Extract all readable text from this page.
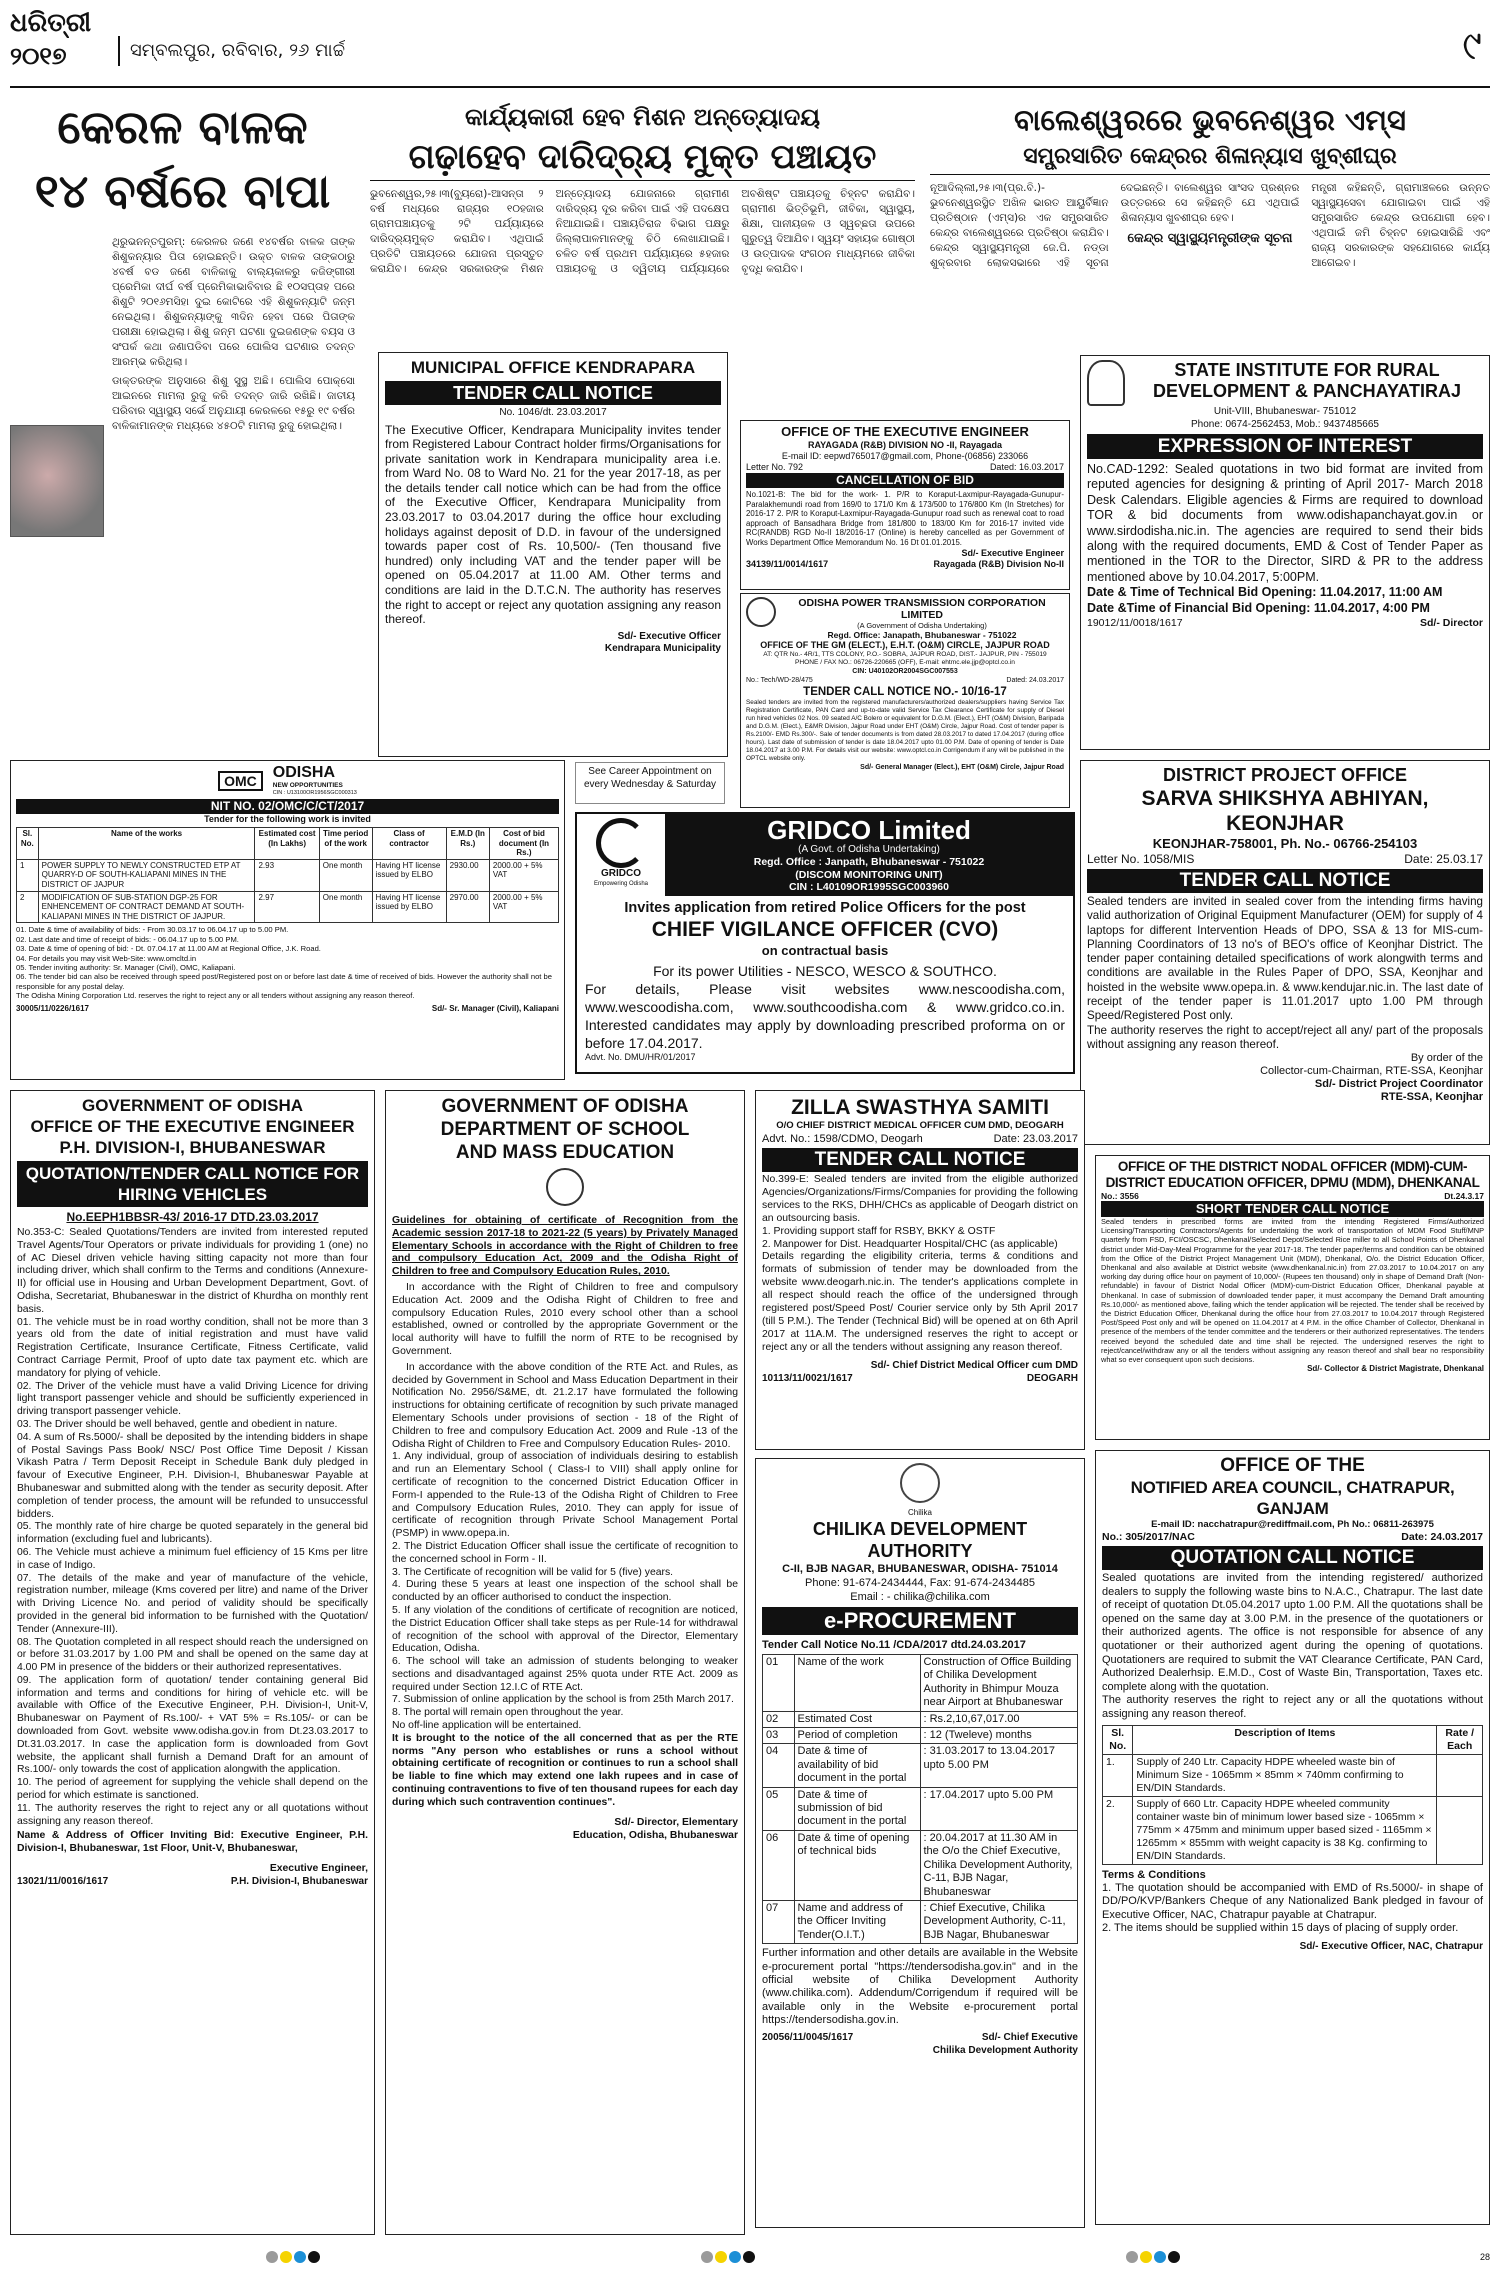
ଧରିତ୍ରୀ
୨୦୧୭	ସମ୍ବଲପୁର, ରବିବାର, ୨୬ ମାର୍ଚ୍ଚ	୯
କେରଳ ବାଳକ
୧୪ ବର୍ଷରେ ବାପା
ଥିରୁଭନନ୍ତପୁରମ୍: କେରଳର ଜଣେ ୧୪ବର୍ଷର ବାଳକ ତାଙ୍କ ଶିଶୁକନ୍ୟାର ପିତା ହୋଇଛନ୍ତି। ଉକ୍ତ ବାଳକ ତାଙ୍କଠାରୁ ୪ବର୍ଷ ବଡ ଜଣେ ବାଳିକାକୁ ବାଲ୍ୟକାଳରୁ କଜିଙ୍ଗୀରୀ ପ୍ରେମିକା ଦୀର୍ଘ ବର୍ଷ ପ୍ରେମିକାଭାବିବାର ଛି ୧୦ସପ୍ତାହ ପରେ ଶିଶୁଟି ୨୦୧୬ମସିହା ଦୁଇ କୋଟିରେ ଏହି ଶିଶୁକନ୍ୟାଟି ଜନ୍ମ ନେଇଥିଲା। ଶିଶୁକନ୍ୟାଙ୍କୁ ୩ଦିନ ହେବା ପରେ ପିତାଙ୍କ ପରୀକ୍ଷା ହୋଇଥିଲା। ଶିଶୁ ଜନ୍ମ ଘଟଣା ଦୁଇଜଣଙ୍କ ବୟସ ଓ ସଂପର୍କ କଥା ଜଣାପଡିବା ପରେ ପୋଲିସ ଘଟଣାର ତଦନ୍ତ ଆରମ୍ଭ କରିଥିଲା।
ଡାକ୍ତରଙ୍କ ଅନୁସାରେ ଶିଶୁ ସୁସ୍ଥ ଅଛି। ପୋଲିସ ପୋକ୍ସୋ ଆଇନରେ ମାମଲା ରୁଜୁ କରି ତଦନ୍ତ ଜାରି ରଖିଛି। ଜାତୀୟ ପରିବାର ସ୍ୱାସ୍ଥ୍ୟ ସର୍ଭେ ଅନୁଯାୟୀ କେରଳରେ ୧୫ରୁ ୧୯ ବର୍ଷର ବାଳିକାମାନଙ୍କ ମଧ୍ୟରେ ୪୫୦ଟି ମାମଲା ରୁଜୁ ହୋଇଥିଲା।
କାର୍ଯ୍ୟକାରୀ ହେବ ମିଶନ ଅନ୍ତ୍ୟୋଦୟ
ଗଢ଼ାହେବ ଦାରିଦ୍ର୍ୟ ମୁକ୍ତ ପଞ୍ଚାୟତ
ଭୁବନେଶ୍ୱର,୨୫।୩(ବ୍ୟୁରୋ)-ଆସନ୍ତା ୨ ବର୍ଷ ମଧ୍ୟରେ ରାଜ୍ୟର ୧୦ହଜାର ଗ୍ରାମପଞ୍ଚାୟତକୁ ୨ଟି ପର୍ଯ୍ୟାୟରେ ଦାରିଦ୍ର୍ୟମୁକ୍ତ କରାଯିବ। ଏଥିପାଇଁ ପ୍ରତିଟି ପଞ୍ଚାୟତରେ ଯୋଜନା ପ୍ରସ୍ତୁତ କରାଯିବ। କେନ୍ଦ୍ର ସରକାରଙ୍କ ମିଶନ ଅନ୍ତ୍ୟୋଦୟ ଯୋଜନାରେ ଗ୍ରାମୀଣ ଦାରିଦ୍ର୍ୟ ଦୂର କରିବା ପାଇଁ ଏହି ପଦକ୍ଷେପ ନିଆଯାଇଛି। ପଞ୍ଚାୟତିରାଜ ବିଭାଗ ପକ୍ଷରୁ ଜିଲ୍ଲାପାଳମାନଙ୍କୁ ଚିଠି ଲେଖାଯାଇଛି। ଚଳିତ ବର୍ଷ ପ୍ରଥମ ପର୍ଯ୍ୟାୟରେ ୫ହଜାର ପଞ୍ଚାୟତକୁ ଓ ଦ୍ୱିତୀୟ ପର୍ଯ୍ୟାୟରେ ଅବଶିଷ୍ଟ ପଞ୍ଚାୟତକୁ ଚିହ୍ନଟ କରାଯିବ। ଗ୍ରାମୀଣ ଭିତ୍ତିଭୂମି, ଜୀବିକା, ସ୍ୱାସ୍ଥ୍ୟ, ଶିକ୍ଷା, ପାନୀୟଜଳ ଓ ସ୍ୱଚ୍ଛତା ଉପରେ ଗୁରୁତ୍ୱ ଦିଆଯିବ। ସ୍ୱୟଂ ସହାୟକ ଗୋଷ୍ଠୀ ଓ ଉତ୍ପାଦକ ସଂଗଠନ ମାଧ୍ୟମରେ ଜୀବିକା ବୃଦ୍ଧି କରାଯିବ।
ବାଲେଶ୍ୱରରେ ଭୁବନେଶ୍ୱର ଏମ୍ସ
ସମ୍ପ୍ରସାରିତ କେନ୍ଦ୍ରର ଶିଳାନ୍ୟାସ ଖୁବ୍‌ଶୀଘ୍ର
ନୂଆଦିଲ୍ଲୀ,୨୫।୩(ପ୍ର.ବି.)-ଭୁବନେଶ୍ୱରସ୍ଥିତ ଅଖିଳ ଭାରତ ଆୟୁର୍ବିଜ୍ଞାନ ପ୍ରତିଷ୍ଠାନ (ଏମ୍ସ)ର ଏକ ସମ୍ପ୍ରସାରିତ କେନ୍ଦ୍ର ବାଲେଶ୍ୱରରେ ପ୍ରତିଷ୍ଠା କରାଯିବ। କେନ୍ଦ୍ର ସ୍ୱାସ୍ଥ୍ୟମନ୍ତ୍ରୀ ଜେ.ପି. ନଡ୍ଡା ଶୁକ୍ରବାର ଲୋକସଭାରେ ଏହି ସୂଚନା ଦେଇଛନ୍ତି। ବାଲେଶ୍ୱର ସାଂସଦ ପ୍ରଶ୍ନର ଉତ୍ତରରେ ସେ କହିଛନ୍ତି ଯେ ଏଥିପାଇଁ ଶିଳାନ୍ୟାସ ଖୁବଶୀଘ୍ର ହେବ।
କେନ୍ଦ୍ର ସ୍ୱାସ୍ଥ୍ୟମନ୍ତ୍ରୀଙ୍କ ସୂଚନା
ମନ୍ତ୍ରୀ କହିଛନ୍ତି, ଗ୍ରାମାଞ୍ଚଳରେ ଉନ୍ନତ ସ୍ୱାସ୍ଥ୍ୟସେବା ଯୋଗାଇବା ପାଇଁ ଏହି ସମ୍ପ୍ରସାରିତ କେନ୍ଦ୍ର ଉପଯୋଗୀ ହେବ। ଏଥିପାଇଁ ଜମି ଚିହ୍ନଟ ହୋଇସାରିଛି ଏବଂ ରାଜ୍ୟ ସରକାରଙ୍କ ସହଯୋଗରେ କାର୍ଯ୍ୟ ଆଗେଇବ।
MUNICIPAL OFFICE KENDRAPARA
TENDER CALL NOTICE
No. 1046/dt. 23.03.2017
The Executive Officer, Kendrapara Municipality invites tender from Registered Labour Contract holder firms/Organisations for private sanitation work in Kendrapara municipality area i.e. from Ward No. 08 to Ward No. 21 for the year 2017-18, as per the details tender call notice which can be had from the office of the Executive Officer, Kendrapara Municipality from 23.03.2017 to 03.04.2017 during the office hour excluding holidays against deposit of D.D. in favour of the undersigned towards paper cost of Rs. 10,500/- (Ten thousand five hundred) only including VAT and the tender paper will be opened on 05.04.2017 at 11.00 AM. Other terms and conditions are laid in the D.T.C.N. The authority has reserves the right to accept or reject any quotation assigning any reason thereof.
Sd/- Executive Officer
Kendrapara Municipality
OFFICE OF THE EXECUTIVE ENGINEER
RAYAGADA (R&B) DIVISION NO -II, Rayagada
E-mail ID: eepwd765017@gmail.com, Phone-(06856) 233066
Letter No. 792	Dated: 16.03.2017
CANCELLATION OF BID
No.1021-B: The bid for the work- 1. P/R to Koraput-Laxmipur-Rayagada-Gunupur-Paralakhemundi road from 169/0 to 171/0 Km & 173/500 to 176/800 Km (In Stretches) for 2016-17 2. P/R to Koraput-Laxmipur-Rayagada-Gunupur road such as renewal coat to road approach of Bansadhara Bridge from 181/800 to 183/00 Km for 2016-17 invited vide RC(RANDB) RGD No-II 18/2016-17 (Online) is hereby cancelled as per Government of Works Department Office Memorandum No. 16 Dt 01.01.2015.
Sd/- Executive Engineer
34139/11/0014/1617	Rayagada (R&B) Division No-II
ODISHA POWER TRANSMISSION CORPORATION LIMITED
(A Government of Odisha Undertaking)
Regd. Office: Janapath, Bhubaneswar - 751022
OFFICE OF THE GM (ELECT.), E.H.T. (O&M) CIRCLE, JAJPUR ROAD
AT: QTR No.- 4R/1, TTS COLONY, P.O.- SOBRA, JAJPUR ROAD, DIST.- JAJPUR, PIN - 755019
PHONE / FAX NO.: 06726-220665 (OFF), E-mail: ehtmc.ele.jjp@optcl.co.in
CIN: U40102OR2004SGC007553
No.: Tech/WD-28/475	Dated: 24.03.2017
TENDER CALL NOTICE NO.- 10/16-17
Sealed tenders are invited from the registered manufacturers/authorized dealers/suppliers having Service Tax Registration Certificate, PAN Card and up-to-date valid Service Tax Clearance Certificate for supply of Diesel run hired vehicles 02 Nos. 09 seated A/C Bolero or equivalent for D.G.M. (Elect.), EHT (O&M) Division, Baripada and D.G.M. (Elect.), E&MR Division, Jajpur Road under EHT (O&M) Circle, Jajpur Road. Cost of tender paper is Rs.2100/- EMD Rs.300/-. Sale of tender documents is from dated 28.03.2017 to dated 17.04.2017 (during office hours). Last date of submission of tender is date 18.04.2017 upto 01.00 P.M. Date of opening of tender is Date 18.04.2017 at 3.00 P.M. For details visit our website: www.optcl.co.in Corrigendum if any will be published in the OPTCL website only.
Sd/- General Manager (Elect.), EHT (O&M) Circle, Jajpur Road
STATE INSTITUTE FOR RURAL
DEVELOPMENT & PANCHAYATIRAJ
Unit-VIII, Bhubaneswar- 751012
Phone: 0674-2562453, Mob.: 9437485665
EXPRESSION OF INTEREST
No.CAD-1292: Sealed quotations in two bid format are invited from reputed agencies for designing & printing of April 2017- March 2018 Desk Calendars. Eligible agencies & Firms are required to download TOR & bid documents from www.odishapanchayat.gov.in or www.sirdodisha.nic.in. The agencies are required to send their bids along with the required documents, EMD & Cost of Tender Paper as mentioned in the TOR to the Director, SIRD & PR to the address mentioned above by 10.04.2017, 5:00PM.
Date & Time of Technical Bid Opening: 11.04.2017, 11:00 AM
Date &Time of Financial Bid Opening: 11.04.2017, 4:00 PM
19012/11/0018/1617	Sd/- Director
OMC	ODISHA
NEW OPPORTUNITIES
CIN : U13100OR1956SGC000313
NIT NO. 02/OMC/C/CT/2017
Tender for the following work is invited
Sl. No.	Name of the works	Estimated cost (In Lakhs)	Time period of the work	Class of contractor	E.M.D (In Rs.)	Cost of bid document (In Rs.)
1	POWER SUPPLY TO NEWLY CONSTRUCTED ETP AT QUARRY-D OF SOUTH-KALIAPANI MINES IN THE DISTRICT OF JAJPUR	2.93	One month	Having HT license issued by ELBO	2930.00	2000.00 + 5% VAT
2	MODIFICATION OF SUB-STATION DGP-25 FOR ENHENCEMENT OF CONTRACT DEMAND AT SOUTH-KALIAPANI MINES IN THE DISTRICT OF JAJPUR.	2.97	One month	Having HT license issued by ELBO	2970.00	2000.00 + 5% VAT
01. Date & time of availability of bids: - From 30.03.17 to 06.04.17 up to 5.00 PM.
02. Last date and time of receipt of bids: - 06.04.17 up to 5.00 PM.
03. Date & time of opening of bid: - Dt. 07.04.17 at 11.00 AM at Regional Office, J.K. Road.
04. For details you may visit Web-Site: www.omcltd.in
05. Tender inviting authority: Sr. Manager (Civil), OMC, Kaliapani.
06. The tender bid can also be received through speed post/Registered post on or before last date & time of received of bids. However the authority shall not be responsible for any postal delay.
The Odisha Mining Corporation Ltd. reserves the right to reject any or all tenders without assigning any reason thereof.
30005/11/0226/1617	Sd/- Sr. Manager (Civil), Kaliapani
See Career Appointment on every Wednesday & Saturday
GRIDCO
Empowering Odisha
GRIDCO Limited
(A Govt. of Odisha Undertaking)
Regd. Office : Janpath, Bhubaneswar - 751022
(DISCOM MONITORING UNIT)
CIN : L40109OR1995SGC003960
Invites application from retired Police Officers for the post
CHIEF VIGILANCE OFFICER (CVO)
on contractual basis
For its power Utilities - NESCO, WESCO & SOUTHCO.
For details, Please visit websites www.nescoodisha.com, www.wescoodisha.com, www.southcoodisha.com & www.gridco.co.in. Interested candidates may apply by downloading prescribed proforma on or before 17.04.2017.
Advt. No. DMU/HR/01/2017
DISTRICT PROJECT OFFICE
SARVA SHIKSHYA ABHIYAN, KEONJHAR
KEONJHAR-758001, Ph. No.- 06766-254103
Letter No. 1058/MIS	Date: 25.03.17
TENDER CALL NOTICE
Sealed tenders are invited in sealed cover from the intending firms having valid authorization of Original Equipment Manufacturer (OEM) for supply of 4 laptops for different Intervention Heads of DPO, SSA & 13 for MIS-cum-Planning Coordinators of 13 no's of BEO's office of Keonjhar District. The tender paper containing detailed specifications of work alongwith terms and conditions are available in the Rules Paper of DPO, SSA, Keonjhar and hoisted in the website www.opepa.in. & www.kendujar.nic.in. The last date of receipt of the tender paper is 11.01.2017 upto 1.00 PM through Speed/Registered Post only.
The authority reserves the right to accept/reject all any/ part of the proposals without assigning any reason thereof.
By order of the
Collector-cum-Chairman, RTE-SSA, Keonjhar
Sd/- District Project Coordinator
RTE-SSA, Keonjhar
GOVERNMENT OF ODISHA
OFFICE OF THE EXECUTIVE ENGINEER
P.H. DIVISION-I, BHUBANESWAR
QUOTATION/TENDER CALL NOTICE FOR HIRING VEHICLES
No.EEPH1BBSR-43/ 2016-17 DTD.23.03.2017
No.353-C: Sealed Quotations/Tenders are invited from interested reputed Travel Agents/Tour Operators or private individuals for providing 1 (one) no of AC Diesel driven vehicle having sitting capacity not more than four including driver, which shall confirm to the Terms and conditions (Annexure-II) for official use in Housing and Urban Development Department, Govt. of Odisha, Secretariat, Bhubaneswar in the district of Khurdha on monthly rent basis.
01. The vehicle must be in road worthy condition, shall not be more than 3 years old from the date of initial registration and must have valid Registration Certificate, Insurance Certificate, Fitness Certificate, valid Contract Carriage Permit, Proof of upto date tax payment etc. which are mandatory for plying of vehicle.
02. The Driver of the vehicle must have a valid Driving Licence for driving light transport passenger vehicle and should be sufficiently experienced in driving transport passenger vehicle.
03. The Driver should be well behaved, gentle and obedient in nature.
04. A sum of Rs.5000/- shall be deposited by the intending bidders in shape of Postal Savings Pass Book/ NSC/ Post Office Time Deposit / Kissan Vikash Patra / Term Deposit Receipt in Schedule Bank duly pledged in favour of Executive Engineer, P.H. Division-I, Bhubaneswar Payable at Bhubaneswar and submitted along with the tender as security deposit. After completion of tender process, the amount will be refunded to unsuccessful bidders.
05. The monthly rate of hire charge be quoted separately in the general bid information (excluding fuel and lubricants).
06. The Vehicle must achieve a minimum fuel efficiency of 15 Kms per litre in case of Indigo.
07. The details of the make and year of manufacture of the vehicle, registration number, mileage (Kms covered per litre) and name of the Driver with Driving Licence No. and period of validity should be specifically provided in the general bid information to be furnished with the Quotation/ Tender (Annexure-III).
08. The Quotation completed in all respect should reach the undersigned on or before 31.03.2017 by 1.00 PM and shall be opened on the same day at 4.00 PM in presence of the bidders or their authorized representatives.
09. The application form of quotation/ tender containing general Bid information and terms and conditions for hiring of vehicle etc. will be available with Office of the Executive Engineer, P.H. Division-I, Unit-V, Bhubaneswar on Payment of Rs.100/- + VAT 5% = Rs.105/- or can be downloaded from Govt. website www.odisha.gov.in from Dt.23.03.2017 to Dt.31.03.2017. In case the application form is downloaded from Govt website, the applicant shall furnish a Demand Draft for an amount of Rs.100/- only towards the cost of application alongwith the application.
10. The period of agreement for supplying the vehicle shall depend on the period for which estimate is sanctioned.
11. The authority reserves the right to reject any or all quotations without assigning any reason thereof.
Name & Address of Officer Inviting Bid: Executive Engineer, P.H. Division-I, Bhubaneswar, 1st Floor, Unit-V, Bhubaneswar,
Executive Engineer,
13021/11/0016/1617	P.H. Division-I, Bhubaneswar
GOVERNMENT OF ODISHA
DEPARTMENT OF SCHOOL
AND MASS EDUCATION
Guidelines for obtaining of certificate of Recognition from the Academic session 2017-18 to 2021-22 (5 years) by Privately Managed Elementary Schools in accordance with the Right of Children to free and compulsory Education Act, 2009 and the Odisha Right of Children to free and Compulsory Education Rules, 2010.
In accordance with the Right of Children to free and compulsory Education Act. 2009 and the Odisha Right of Children to free and compulsory Education Rules, 2010 every school other than a school established, owned or controlled by the appropriate Government or the local authority will have to fulfill the norm of RTE to be recognised by Government.
In accordance with the above condition of the RTE Act. and Rules, as decided by Government in School and Mass Education Department in their Notification No. 2956/S&ME, dt. 21.2.17 have formulated the following instructions for obtaining certificate of recognition by such private managed Elementary Schools under provisions of section - 18 of the Right of Children to free and compulsory Education Act. 2009 and Rule -13 of the Odisha Right of Children to Free and Compulsory Education Rules- 2010.
1. Any individual, group of association of individuals desiring to establish and run an Elementary School ( Class-I to VIII) shall apply online for certificate of recognition to the concerned District Education Officer in Form-I appended to the Rule-13 of the Odisha Right of Children to Free and Compulsory Education Rules, 2010. They can apply for issue of certificate of recognition through Private School Management Portal (PSMP) in www.opepa.in.
2. The District Education Officer shall issue the certificate of recognition to the concerned school in Form - II.
3. The Certificate of recognition will be valid for 5 (five) years.
4. During these 5 years at least one inspection of the school shall be conducted by an officer authorised to conduct the inspection.
5. If any violation of the conditions of certificate of recognition are noticed, the District Education Officer shall take steps as per Rule-14 for withdrawal of recognition of the school with approval of the Director, Elementary Education, Odisha.
6. The school will take an admission of students belonging to weaker sections and disadvantaged against 25% quota under RTE Act. 2009 as required under Section 12.I.C of RTE Act.
7. Submission of online application by the school is from 25th March 2017.
8. The portal will remain open throughout the year.
No off-line application will be entertained.
It is brought to the notice of the all concerned that as per the RTE norms "Any person who establishes or runs a school without obtaining certificate of recognition or continues to run a school shall be liable to fine which may extend one lakh rupees and in case of continuing contraventions to five of ten thousand rupees for each day during which such contravention continues".
Sd/- Director, Elementary
Education, Odisha, Bhubaneswar
ZILLA SWASTHYA SAMITI
O/O CHIEF DISTRICT MEDICAL OFFICER CUM DMD, DEOGARH
Advt. No.: 1598/CDMO, Deogarh	Date: 23.03.2017
TENDER CALL NOTICE
No.399-E: Sealed tenders are invited from the eligible authorized Agencies/Organizations/Firms/Companies for providing the following services to the RKS, DHH/CHCs as applicable of Deogarh district on an outsourcing basis.
1. Providing support staff for RSBY, BKKY & OSTF
2. Manpower for Dist. Headquarter Hospital/CHC (as applicable)
Details regarding the eligibility criteria, terms & conditions and formats of submission of tender may be downloaded from the website www.deogarh.nic.in. The tender's applications complete in all respect should reach the office of the undersigned through registered post/Speed Post/ Courier service only by 5th April 2017 (till 5 P.M.). The Tender (Technical Bid) will be opened at on 6th April 2017 at 11A.M. The undersigned reserves the right to accept or reject any or all the tenders without assigning any reason thereof.
Sd/- Chief District Medical Officer cum DMD
10113/11/0021/1617	DEOGARH
OFFICE OF THE DISTRICT NODAL OFFICER (MDM)-CUM-DISTRICT EDUCATION OFFICER, DPMU (MDM), DHENKANAL
No.: 3556	Dt.24.3.17
SHORT TENDER CALL NOTICE
Sealed tenders in prescribed forms are invited from the intending Registered Firms/Authorized Licensing/Transporting Contractors/Agents for undertaking the work of transportation of MDM Food Stuff/MNP quarterly from FSD, FCI/OSCSC, Dhenkanal/Selected Depot/Selected Rice miller to all School Points of Dhenkanal district under Mid-Day-Meal Programme for the year 2017-18. The tender paper/terms and condition can be obtained from the Office of the District Project Management Unit (MDM), Dhenkanal, O/o. the District Education Officer, Dhenkanal and also available at District website (www.dhenkanal.nic.in) from 27.03.2017 to 10.04.2017 on any working day during office hour on payment of 10,000/- (Rupees ten thousand) only in shape of Demand Draft (Non-refundable) in favour of District Nodal Officer (MDM)-cum-District Education Officer, Dhenkanal payable at Dhenkanal. In case of submission of downloaded tender paper, it must accompany the Demand Draft amounting Rs.10,000/- as mentioned above, failing which the tender application will be rejected. The tender shall be received by the District Education Officer, Dhenkanal during the office hour from 27.03.2017 to 10.04.2017 through Registered Post/Speed Post only and will be opened on 11.04.2017 at 4 P.M. in the office Chamber of Collector, Dhenkanal in presence of the members of the tender committee and the tenderers or their authorized representatives. The tenders received beyond the scheduled date and time shall be rejected. The undersigned reserves the right to reject/cancel/withdraw any or all the tenders without assigning any reason thereof and shall bear no responsibility what so ever consequent upon such decisions.
Sd/- Collector & District Magistrate, Dhenkanal
Chilika
CHILIKA DEVELOPMENT AUTHORITY
C-II, BJB NAGAR, BHUBANESWAR, ODISHA- 751014
Phone: 91-674-2434444, Fax: 91-674-2434485
Email : - chilika@chilika.com
e-PROCUREMENT
Tender Call Notice No.11 /CDA/2017 dtd.24.03.2017
01	Name of the work	Construction of Office Building of Chilika Development Authority in Bhimpur Mouza near Airport at Bhubaneswar
02	Estimated Cost	: Rs.2,10,67,017.00
03	Period of completion	: 12 (Tweleve) months
04	Date & time of availability of bid document in the portal	: 31.03.2017 to 13.04.2017 upto 5.00 PM
05	Date & time of submission of bid document in the portal	: 17.04.2017 upto 5.00 PM
06	Date & time of opening of technical bids	: 20.04.2017 at 11.30 AM in the O/o the Chief Executive, Chilika Development Authority, C-11, BJB Nagar, Bhubaneswar
07	Name and address of the Officer Inviting Tender(O.I.T.)	: Chief Executive, Chilika Development Authority, C-11, BJB Nagar, Bhubaneswar
Further information and other details are available in the Website e-procurement portal "https://tendersodisha.gov.in" and in the official website of Chilika Development Authority (www.chilika.com). Addendum/Corrigendum if required will be available only in the Website e-procurement portal https://tendersodisha.gov.in.
20056/11/0045/1617	Sd/- Chief Executive
Chilika Development Authority
OFFICE OF THE
NOTIFIED AREA COUNCIL, CHATRAPUR, GANJAM
E-mail ID: nacchatrapur@rediffmail.com, Ph No.: 06811-263975
No.: 305/2017/NAC	Date: 24.03.2017
QUOTATION CALL NOTICE
Sealed quotations are invited from the intending registered/ authorized dealers to supply the following waste bins to N.A.C., Chatrapur. The last date of receipt of quotation Dt.05.04.2017 upto 1.00 P.M. All the quotations shall be opened on the same day at 3.00 P.M. in the presence of the quotationers or their authorized agents. The office is not responsible for absence of any quotationer or their authorized agent during the opening of quotations. Quotationers are required to submit the VAT Clearance Certificate, PAN Card, Authorized Dealerhsip. E.M.D., Cost of Waste Bin, Transportation, Taxes etc. complete along with the quotation.
The authority reserves the right to reject any or all the quotations without assigning any reason thereof.
Sl. No.	Description of Items	Rate / Each
1.	Supply of 240 Ltr. Capacity HDPE wheeled waste bin of Minimum Size - 1065mm × 85mm × 740mm confirming to EN/DIN Standards.	
2.	Supply of 660 Ltr. Capacity HDPE wheeled community container waste bin of minimum lower based size - 1065mm × 775mm × 475mm and minimum upper based sized - 1165mm × 1265mm × 855mm with weight capacity is 38 Kg. confirming to EN/DIN Standards.	
Terms & Conditions
1. The quotation should be accompanied with EMD of Rs.5000/- in shape of DD/PO/KVP/Bankers Cheque of any Nationalized Bank pledged in favour of Executive Officer, NAC, Chatrapur payable at Chatrapur.
2. The items should be supplied within 15 days of placing of supply order.
Sd/- Executive Officer, NAC, Chatrapur
28
